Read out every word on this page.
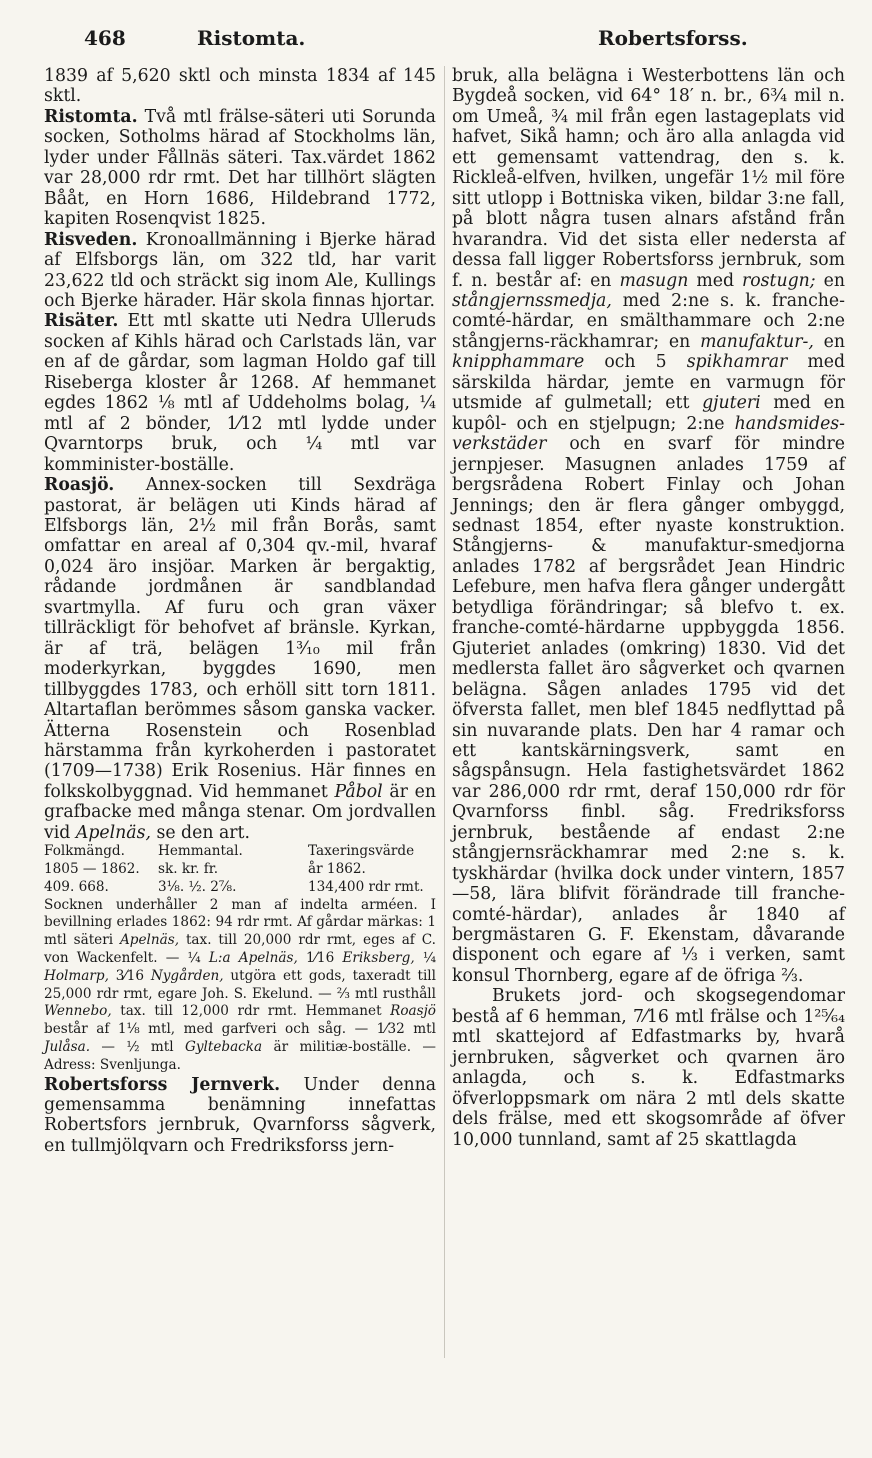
468	Ristomta.	Robertsforss.

1839 af 5,620 sktl och minsta 1834 af 145 sktl.

Ristomta. Två mtl frälse-säteri uti Sorunda socken, Sotholms härad af Stockholms län, lyder under Fållnäs säteri. Tax.värdet 1862 var 28,000 rdr rmt. Det har tillhört slägten Bååt, en Horn 1686, Hildebrand 1772, kapiten Rosenqvist 1825.

Risveden. Kronoallmänning i Bjerke härad af Elfsborgs län, om 322 tld, har varit 23,622 tld och sträckt sig inom Ale, Kullings och Bjerke härader. Här skola finnas hjortar.

Risäter. Ett mtl skatte uti Nedra Ulleruds socken af Kihls härad och Carlstads län, var en af de gårdar, som lagman Holdo gaf till Riseberga kloster år 1268. Af hemmanet egdes 1862 ⅛ mtl af Uddeholms bolag, ¼ mtl af 2 bönder, 1⁄12 mtl lydde under Qvarntorps bruk, och ¼ mtl var komminister-boställe.

Roasjö. Annex-socken till Sexdräga pastorat, är belägen uti Kinds härad af Elfsborgs län, 2½ mil från Borås, samt omfattar en areal af 0,304 qv.-mil, hvaraf 0,024 äro insjöar. Marken är bergaktig, rådande jordmånen är sandblandad svartmylla. Af furu och gran växer tillräckligt för behofvet af bränsle. Kyrkan, är af trä, belägen 1³⁄₁₀ mil från moderkyrkan, byggdes 1690, men tillbyggdes 1783, och erhöll sitt torn 1811. Altartaflan berömmes såsom ganska vacker. Ätterna Rosenstein och Rosenblad härstamma från kyrkoherden i pastoratet (1709—1738) Erik Rosenius. Här finnes en folkskolbyggnad. Vid hemmanet Påbol är en grafbacke med många stenar. Om jordvallen vid Apelnäs, se den art.

Folkmängd.	Hemmantal.	Taxeringsvärde
1805 — 1862.	sk. kr. fr.	år 1862.
409. 668.	3⅛. ½. 2⅞.	134,400 rdr rmt.

Socknen underhåller 2 man af indelta arméen. I bevillning erlades 1862: 94 rdr rmt. Af gårdar märkas: 1 mtl säteri Apelnäs, tax. till 20,000 rdr rmt, eges af C. von Wackenfelt. — ¼ L:a Apelnäs, 1⁄16 Eriksberg, ¼ Holmarp, 3⁄16 Nygården, utgöra ett gods, taxeradt till 25,000 rdr rmt, egare Joh. S. Ekelund. — ⅔ mtl rusthåll Wennebo, tax. till 12,000 rdr rmt. Hemmanet Roasjö består af 1⅛ mtl, med garfveri och såg. — 1⁄32 mtl Julåsa. — ½ mtl Gyltebacka är militiæ-boställe. — Adress: Svenljunga.

Robertsforss Jernverk. Under denna gemensamma benämning innefattas Robertsfors jernbruk, Qvarnforss sågverk, en tullmjölqvarn och Fredriksforss jern-

bruk, alla belägna i Westerbottens län och Bygdeå socken, vid 64° 18′ n. br., 6¾ mil n. om Umeå, ¾ mil från egen lastageplats vid hafvet, Sikå hamn; och äro alla anlagda vid ett gemensamt vattendrag, den s. k. Rickleå-elfven, hvilken, ungefär 1½ mil före sitt utlopp i Bottniska viken, bildar 3:ne fall, på blott några tusen alnars afstånd från hvarandra. Vid det sista eller nedersta af dessa fall ligger Robertsforss jernbruk, som f. n. består af: en masugn med rostugn; en stångjernssmedja, med 2:ne s. k. franche-comté-härdar, en smälthammare och 2:ne stångjerns-räckhamrar; en manufaktur-, en knipphammare och 5 spikhamrar med särskilda härdar, jemte en varmugn för utsmide af gulmetall; ett gjuteri med en kupôl- och en stjelpugn; 2:ne handsmides-verkstäder och en svarf för mindre jernpjeser. Masugnen anlades 1759 af bergsrådena Robert Finlay och Johan Jennings; den är flera gånger ombyggd, sednast 1854, efter nyaste konstruktion. Stångjerns- & manufaktur-smedjorna anlades 1782 af bergsrådet Jean Hindric Lefebure, men hafva flera gånger undergått betydliga förändringar; så blefvo t. ex. franche-comté-härdarne uppbyggda 1856. Gjuteriet anlades (omkring) 1830. Vid det medlersta fallet äro sågverket och qvarnen belägna. Sågen anlades 1795 vid det öfversta fallet, men blef 1845 nedflyttad på sin nuvarande plats. Den har 4 ramar och ett kantskärningsverk, samt en sågspånsugn. Hela fastighetsvärdet 1862 var 286,000 rdr rmt, deraf 150,000 rdr för Qvarnforss finbl. såg. Fredriksforss jernbruk, bestående af endast 2:ne stångjernsräckhamrar med 2:ne s. k. tyskhärdar (hvilka dock under vintern, 1857—58, lära blifvit förändrade till franche-comté-härdar), anlades år 1840 af bergmästaren G. F. Ekenstam, dåvarande disponent och egare af ⅓ i verken, samt konsul Thornberg, egare af de öfriga ⅔.

Brukets jord- och skogsegendomar bestå af 6 hemman, 7⁄16 mtl frälse och 1²⁵⁄₆₄ mtl skattejord af Edfastmarks by, hvarå jernbruken, sågverket och qvarnen äro anlagda, och s. k. Edfastmarks öfverloppsmark om nära 2 mtl dels skatte dels frälse, med ett skogsområde af öfver 10,000 tunnland, samt af 25 skattlagda
